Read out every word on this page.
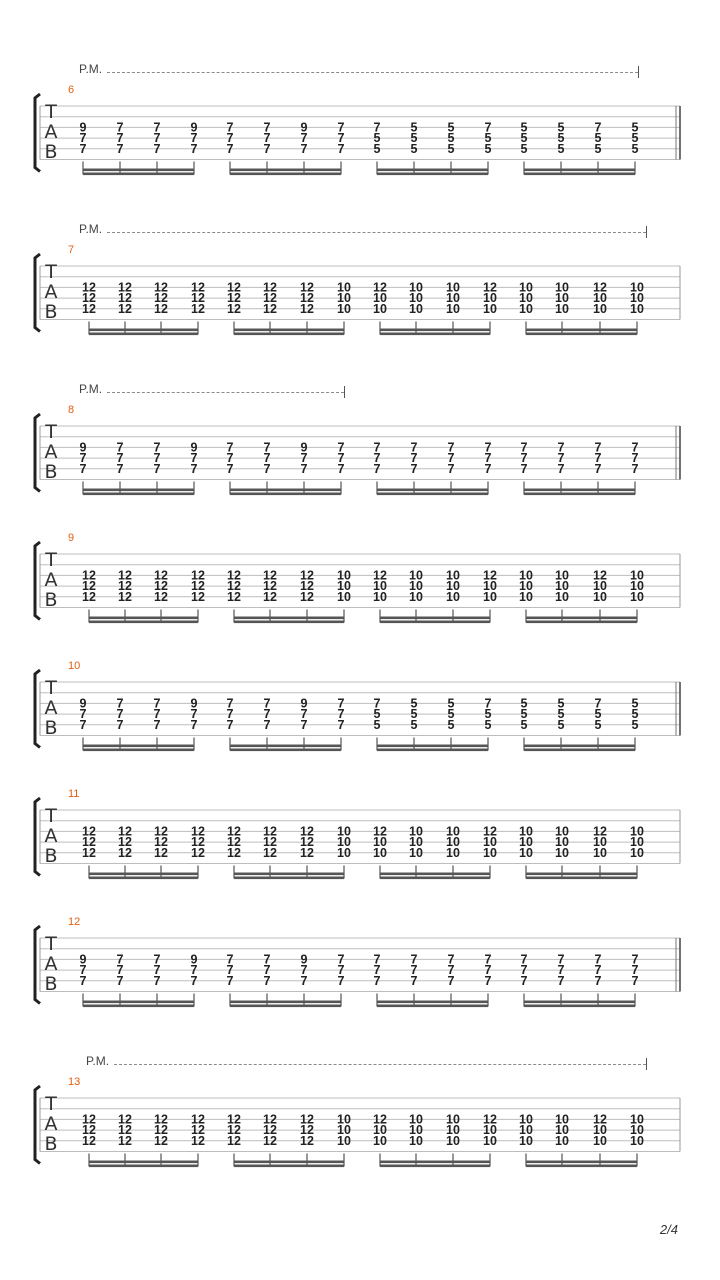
P.M.
6
T
A
B
9
7
7
7
7
7
7
7
7
9
7
7
7
7
7
7
7
7
9
7
7
7
7
7
7
5
5
5
5
5
5
5
5
7
5
5
5
5
5
5
5
5
7
5
5
5
5
5
P.M.
7
T
A
B
12
12
12
12
12
12
12
12
12
12
12
12
12
12
12
12
12
12
12
12
12
10
10
10
12
10
10
10
10
10
10
10
10
12
10
10
10
10
10
10
10
10
12
10
10
10
10
10
P.M.
8
T
A
B
9
7
7
7
7
7
7
7
7
9
7
7
7
7
7
7
7
7
9
7
7
7
7
7
7
7
7
7
7
7
7
7
7
7
7
7
7
7
7
7
7
7
7
7
7
7
7
7
9
T
A
B
12
12
12
12
12
12
12
12
12
12
12
12
12
12
12
12
12
12
12
12
12
10
10
10
12
10
10
10
10
10
10
10
10
12
10
10
10
10
10
10
10
10
12
10
10
10
10
10
10
T
A
B
9
7
7
7
7
7
7
7
7
9
7
7
7
7
7
7
7
7
9
7
7
7
7
7
7
5
5
5
5
5
5
5
5
7
5
5
5
5
5
5
5
5
7
5
5
5
5
5
11
T
A
B
12
12
12
12
12
12
12
12
12
12
12
12
12
12
12
12
12
12
12
12
12
10
10
10
12
10
10
10
10
10
10
10
10
12
10
10
10
10
10
10
10
10
12
10
10
10
10
10
12
T
A
B
9
7
7
7
7
7
7
7
7
9
7
7
7
7
7
7
7
7
9
7
7
7
7
7
7
7
7
7
7
7
7
7
7
7
7
7
7
7
7
7
7
7
7
7
7
7
7
7
P.M.
13
T
A
B
12
12
12
12
12
12
12
12
12
12
12
12
12
12
12
12
12
12
12
12
12
10
10
10
12
10
10
10
10
10
10
10
10
12
10
10
10
10
10
10
10
10
12
10
10
10
10
10
2/4
